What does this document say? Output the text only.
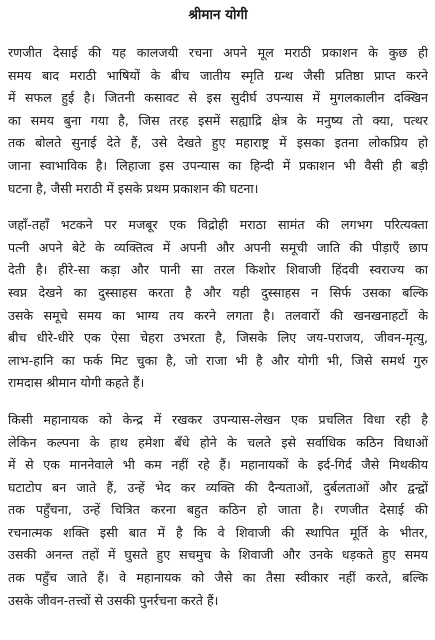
श्रीमान योगी
रणजीत देसाई की यह कालजयी रचना अपने मूल मराठी प्रकाशन के कुछ ही
समय बाद मराठी भाषियों के बीच जातीय स्मृति ग्रन्थ जैसी प्रतिष्ठा प्राप्त करने
में सफल हुई है। जितनी कसावट से इस सुदीर्घ उपन्यास में मुगलकालीन दक्खिन
का समय बुना गया है, जिस तरह इसमें सह्याद्रि क्षेत्र के मनुष्य तो क्या, पत्थर
तक बोलते सुनाई देते हैं, उसे देखते हुए महाराष्ट्र में इसका इतना लोकप्रिय हो
जाना स्वाभाविक है। लिहाजा इस उपन्यास का हिन्दी में प्रकाशन भी वैसी ही बड़ी
घटना है, जैसी मराठी में इसके प्रथम प्रकाशन की घटना।
जहाँ-तहाँ भटकने पर मजबूर एक विद्रोही मराठा सामंत की लगभग परित्यक्ता
पत्नी अपने बेटे के व्यक्तित्व में अपनी और अपनी समूची जाति की पीड़ाएँ छाप
देती है। हीरे-सा कड़ा और पानी सा तरल किशोर शिवाजी हिंदवी स्वराज्य का
स्वप्न देखने का दुस्साहस करता है और यही दुस्साहस न सिर्फ उसका बल्कि
उसके समूचे समय का भाग्य तय करने लगता है। तलवारों की खनखनाहटों के
बीच धीरे-धीरे एक ऐसा चेहरा उभरता है, जिसके लिए जय-पराजय, जीवन-मृत्यु,
लाभ-हानि का फर्क मिट चुका है, जो राजा भी है और योगी भी, जिसे समर्थ गुरु
रामदास श्रीमान योगी कहते हैं।
किसी महानायक को केन्द्र में रखकर उपन्यास-लेखन एक प्रचलित विधा रही है
लेकिन कल्पना के हाथ हमेशा बँधे होने के चलते इसे सर्वाधिक कठिन विधाओं
में से एक माननेवाले भी कम नहीं रहे हैं। महानायकों के इर्द-गिर्द जैसे मिथकीय
घटाटोप बन जाते हैं, उन्हें भेद कर व्यक्ति की दैन्यताओं, दुर्बलताओं और द्वन्द्वों
तक पहुँचना, उन्हें चित्रित करना बहुत कठिन हो जाता है। रणजीत देसाई की
रचनात्मक शक्ति इसी बात में है कि वे शिवाजी की स्थापित मूर्ति के भीतर,
उसकी अनन्त तहों में घुसते हुए सचमुच के शिवाजी और उनके धड़कते हुए समय
तक पहुँच जाते हैं। वे महानायक को जैसे का तैसा स्वीकार नहीं करते, बल्कि
उसके जीवन-तत्त्वों से उसकी पुनर्रचना करते हैं।
